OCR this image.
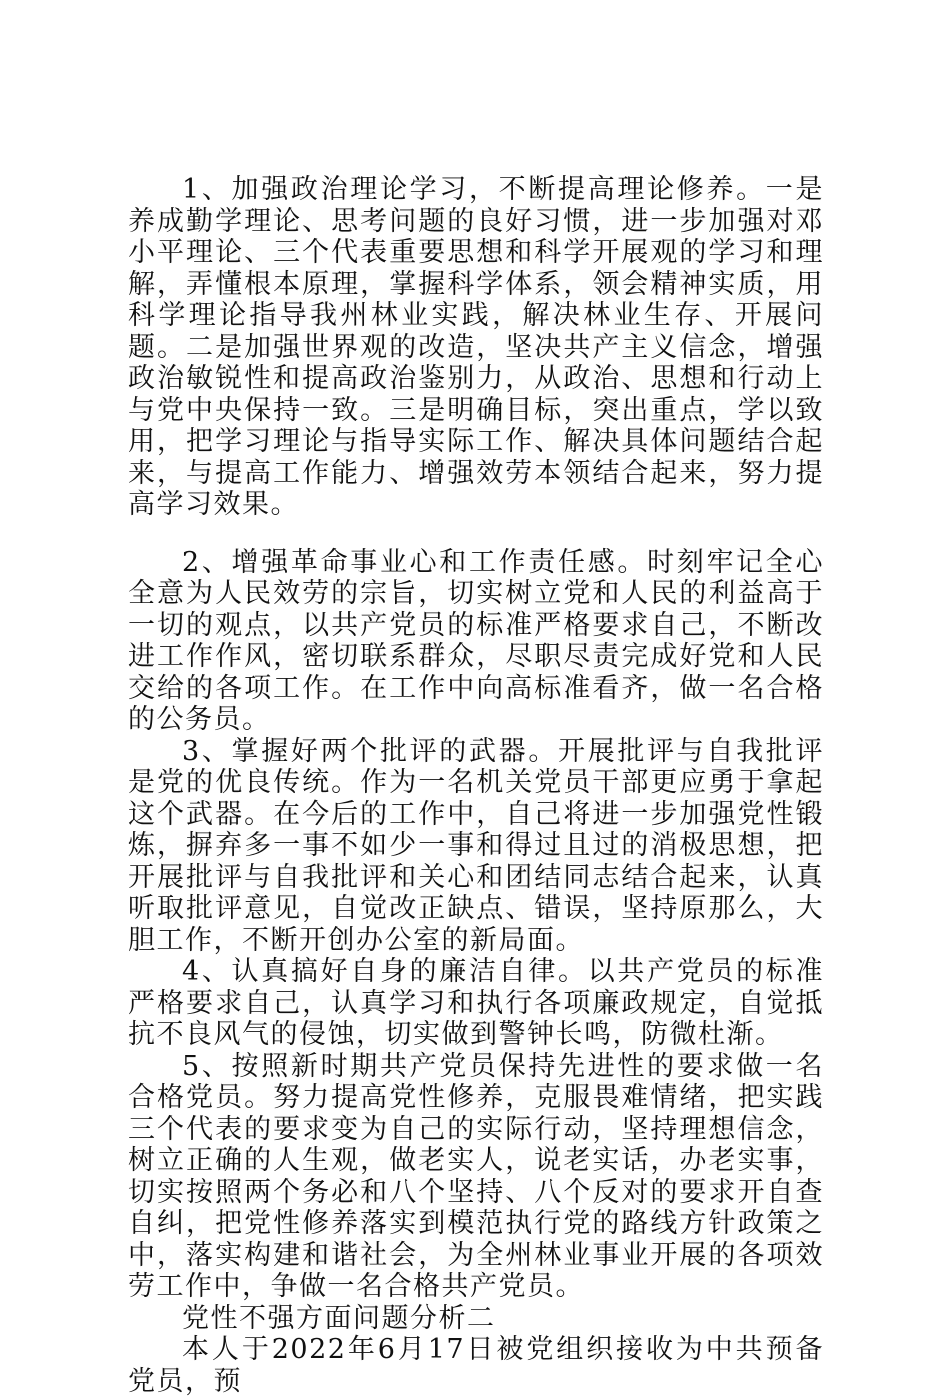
1、加强政治理论学习，不断提高理论修养。一是养成勤学理论、思考问题的良好习惯，进一步加强对邓小平理论、三个代表重要思想和科学开展观的学习和理解，弄懂根本原理，掌握科学体系，领会精神实质，用科学理论指导我州林业实践，解决林业生存、开展问题。二是加强世界观的改造，坚决共产主义信念，增强政治敏锐性和提高政治鉴别力，从政治、思想和行动上与党中央保持一致。三是明确目标，突出重点，学以致用，把学习理论与指导实际工作、解决具体问题结合起来，与提高工作能力、增强效劳本领结合起来，努力提高学习效果。

2、增强革命事业心和工作责任感。时刻牢记全心全意为人民效劳的宗旨，切实树立党和人民的利益高于一切的观点，以共产党员的标准严格要求自己，不断改进工作作风，密切联系群众，尽职尽责完成好党和人民交给的各项工作。在工作中向高标准看齐，做一名合格的公务员。

3、掌握好两个批评的武器。开展批评与自我批评是党的优良传统。作为一名机关党员干部更应勇于拿起这个武器。在今后的工作中，自己将进一步加强党性锻炼，摒弃多一事不如少一事和得过且过的消极思想，把开展批评与自我批评和关心和团结同志结合起来，认真听取批评意见，自觉改正缺点、错误，坚持原那么，大胆工作，不断开创办公室的新局面。

4、认真搞好自身的廉洁自律。以共产党员的标准严格要求自己，认真学习和执行各项廉政规定，自觉抵抗不良风气的侵蚀，切实做到警钟长鸣，防微杜渐。

5、按照新时期共产党员保持先进性的要求做一名合格党员。努力提高党性修养，克服畏难情绪，把实践三个代表的要求变为自己的实际行动，坚持理想信念，树立正确的人生观，做老实人，说老实话，办老实事，切实按照两个务必和八个坚持、八个反对的要求开自查自纠，把党性修养落实到模范执行党的路线方针政策之中，落实构建和谐社会，为全州林业事业开展的各项效劳工作中，争做一名合格共产党员。

党性不强方面问题分析二

本人于2022年6月17日被党组织接收为中共预备党员，预
